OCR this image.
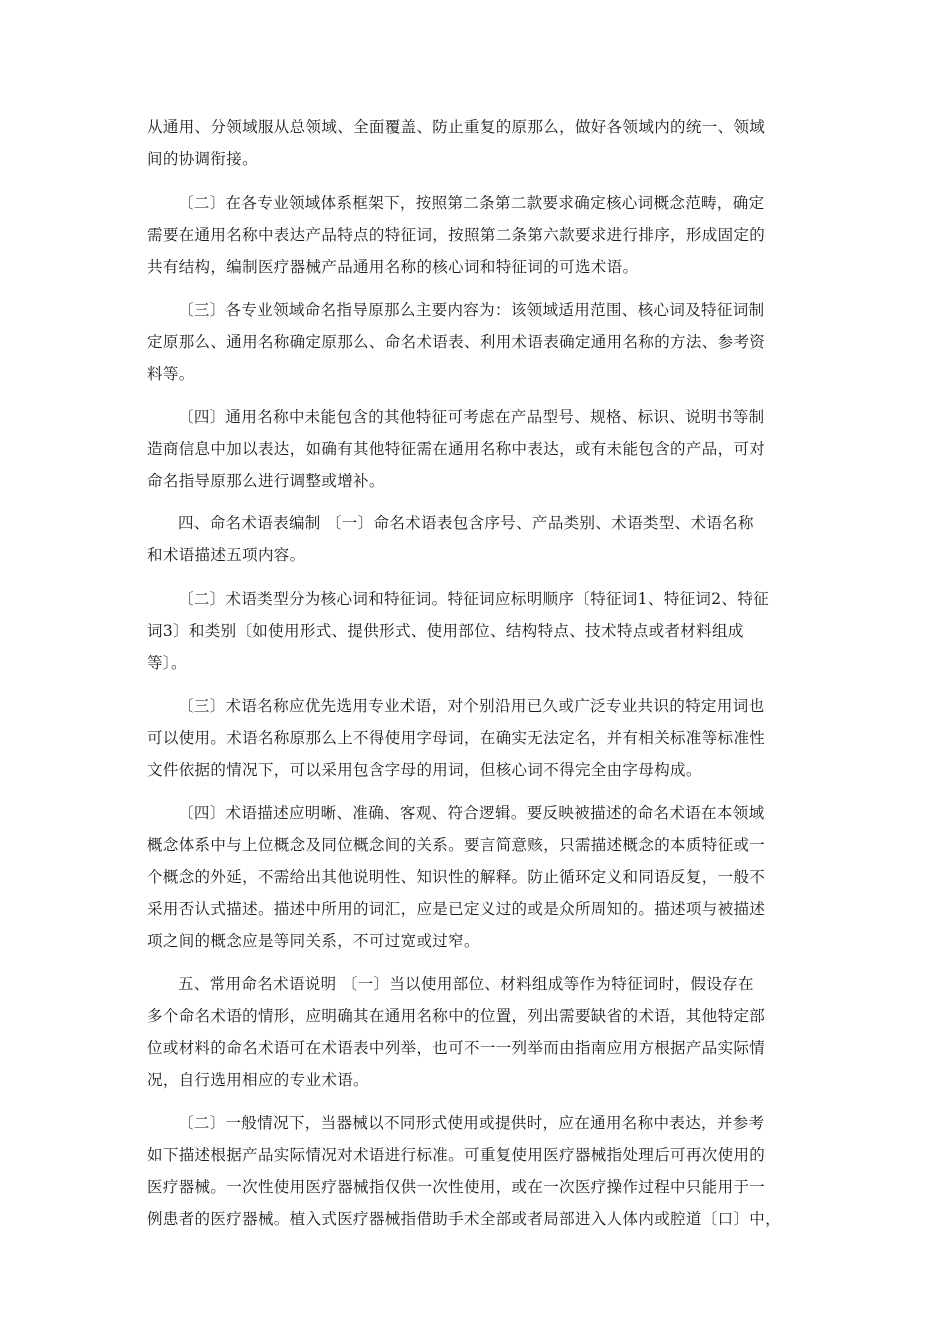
从通用、分领域服从总领域、全面覆盖、防止重复的原那么，做好各领域内的统一、领域
间的协调衔接。
〔二〕在各专业领域体系框架下，按照第二条第二款要求确定核心词概念范畴，确定
需要在通用名称中表达产品特点的特征词，按照第二条第六款要求进行排序，形成固定的
共有结构，编制医疗器械产品通用名称的核心词和特征词的可选术语。
〔三〕各专业领域命名指导原那么主要内容为：该领域适用范围、核心词及特征词制
定原那么、通用名称确定原那么、命名术语表、利用术语表确定通用名称的方法、参考资
料等。
〔四〕通用名称中未能包含的其他特征可考虑在产品型号、规格、标识、说明书等制
造商信息中加以表达，如确有其他特征需在通用名称中表达，或有未能包含的产品，可对
命名指导原那么进行调整或增补。
四、命名术语表编制 〔一〕命名术语表包含序号、产品类别、术语类型、术语名称
和术语描述五项内容。
〔二〕术语类型分为核心词和特征词。特征词应标明顺序〔特征词1、特征词2、特征
词3〕和类别〔如使用形式、提供形式、使用部位、结构特点、技术特点或者材料组成
等〕。
〔三〕术语名称应优先选用专业术语，对个别沿用已久或广泛专业共识的特定用词也
可以使用。术语名称原那么上不得使用字母词，在确实无法定名，并有相关标准等标准性
文件依据的情况下，可以采用包含字母的用词，但核心词不得完全由字母构成。
〔四〕术语描述应明晰、准确、客观、符合逻辑。要反映被描述的命名术语在本领域
概念体系中与上位概念及同位概念间的关系。要言简意赅，只需描述概念的本质特征或一
个概念的外延，不需给出其他说明性、知识性的解释。防止循环定义和同语反复，一般不
采用否认式描述。描述中所用的词汇，应是已定义过的或是众所周知的。描述项与被描述
项之间的概念应是等同关系，不可过宽或过窄。
五、常用命名术语说明 〔一〕当以使用部位、材料组成等作为特征词时，假设存在
多个命名术语的情形，应明确其在通用名称中的位置，列出需要缺省的术语，其他特定部
位或材料的命名术语可在术语表中列举，也可不一一列举而由指南应用方根据产品实际情
况，自行选用相应的专业术语。
〔二〕一般情况下，当器械以不同形式使用或提供时，应在通用名称中表达，并参考
如下描述根据产品实际情况对术语进行标准。可重复使用医疗器械指处理后可再次使用的
医疗器械。一次性使用医疗器械指仅供一次性使用，或在一次医疗操作过程中只能用于一
例患者的医疗器械。植入式医疗器械指借助手术全部或者局部进入人体内或腔道〔口〕中，
